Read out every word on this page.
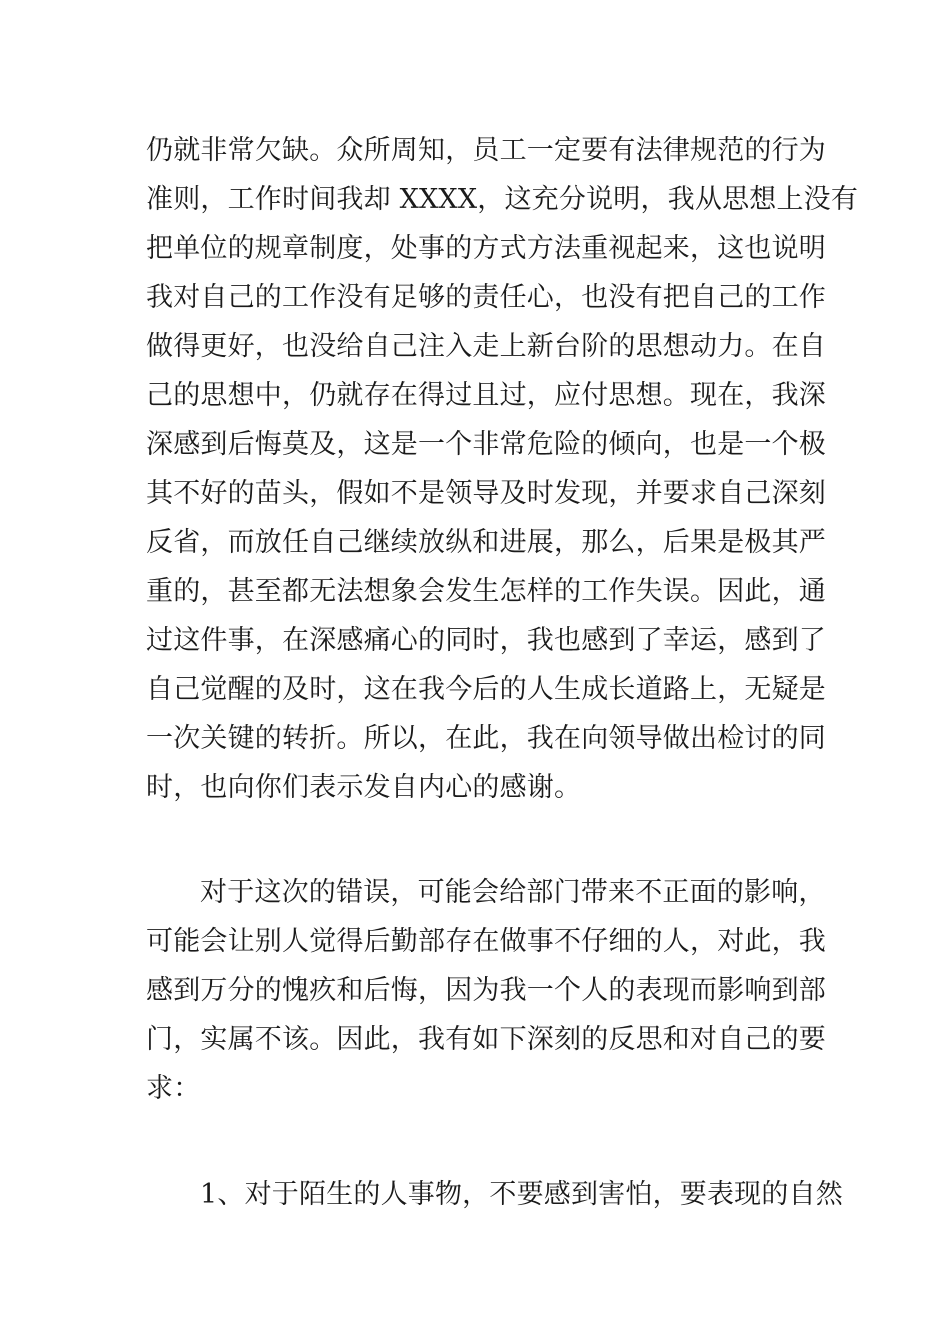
仍就非常欠缺。众所周知，员工一定要有法律规范的行为
准则，工作时间我却 XXXX，这充分说明，我从思想上没有
把单位的规章制度，处事的方式方法重视起来，这也说明
我对自己的工作没有足够的责任心，也没有把自己的工作
做得更好，也没给自己注入走上新台阶的思想动力。在自
己的思想中，仍就存在得过且过，应付思想。现在，我深
深感到后悔莫及，这是一个非常危险的倾向，也是一个极
其不好的苗头，假如不是领导及时发现，并要求自己深刻
反省，而放任自己继续放纵和进展，那么，后果是极其严
重的，甚至都无法想象会发生怎样的工作失误。因此，通
过这件事，在深感痛心的同时，我也感到了幸运，感到了
自己觉醒的及时，这在我今后的人生成长道路上，无疑是
一次关键的转折。所以，在此，我在向领导做出检讨的同
时，也向你们表示发自内心的感谢。
对于这次的错误，可能会给部门带来不正面的影响，
可能会让别人觉得后勤部存在做事不仔细的人，对此，我
感到万分的愧疚和后悔，因为我一个人的表现而影响到部
门，实属不该。因此，我有如下深刻的反思和对自己的要
求：
1、对于陌生的人事物，不要感到害怕，要表现的自然
